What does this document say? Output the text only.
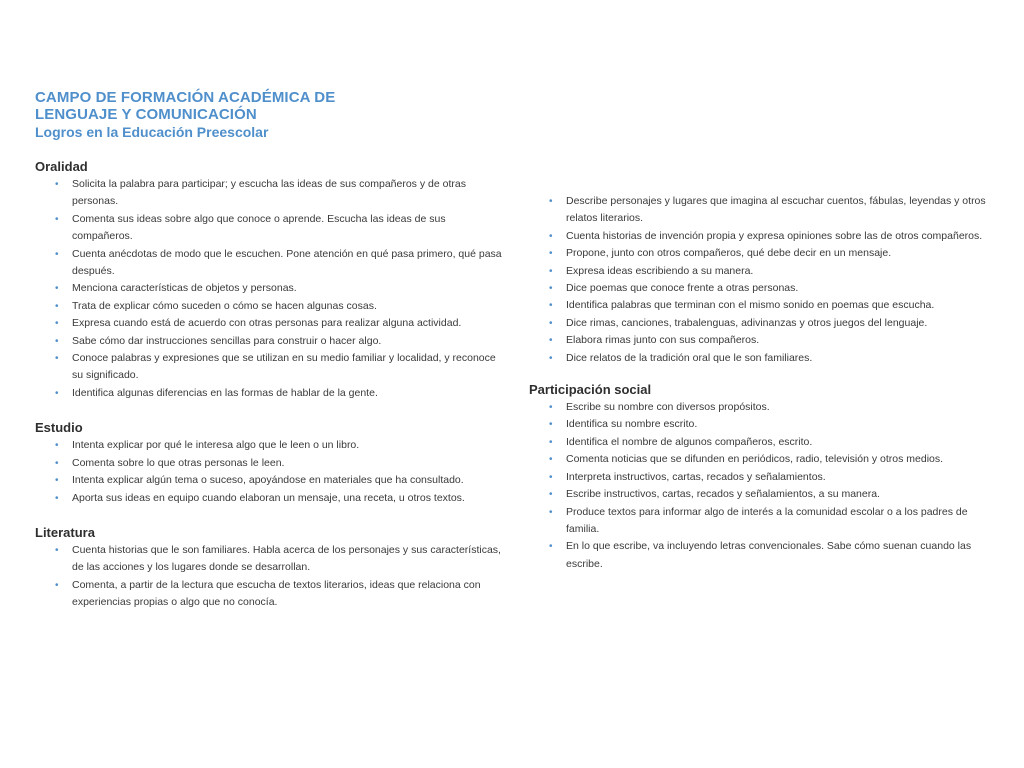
CAMPO DE FORMACIÓN ACADÉMICA DE
LENGUAJE Y COMUNICACIÓN
Logros en la Educación Preescolar
Oralidad
• Solicita la palabra para participar; y escucha las ideas de sus compañeros y de otras personas.
• Comenta sus ideas sobre algo que conoce o aprende. Escucha las ideas de sus compañeros.
• Cuenta anécdotas de modo que le escuchen. Pone atención en qué pasa primero, qué pasa después.
• Menciona características de objetos y personas.
• Trata de explicar cómo suceden o cómo se hacen algunas cosas.
• Expresa cuando está de acuerdo con otras personas para realizar alguna actividad.
• Sabe cómo dar instrucciones sencillas para construir o hacer algo.
• Conoce palabras y expresiones que se utilizan en su medio familiar y localidad, y reconoce su significado.
• Identifica algunas diferencias en las formas de hablar de la gente.
Estudio
• Intenta explicar por qué le interesa algo que le leen o un libro.
• Comenta sobre lo que otras personas le leen.
• Intenta explicar algún tema o suceso, apoyándose en materiales que ha consultado.
• Aporta sus ideas en equipo cuando elaboran un mensaje, una receta, u otros textos.
Literatura
• Cuenta historias que le son familiares. Habla acerca de los personajes y sus características, de las acciones y los lugares donde se desarrollan.
• Comenta, a partir de la lectura que escucha de textos literarios, ideas que relaciona con experiencias propias o algo que no conocía.
• Describe personajes y lugares que imagina al escuchar cuentos, fábulas, leyendas y otros relatos literarios.
• Cuenta historias de invención propia y expresa opiniones sobre las de otros compañeros.
• Propone, junto con otros compañeros, qué debe decir en un mensaje.
• Expresa ideas escribiendo a su manera.
• Dice poemas que conoce frente a otras personas.
• Identifica palabras que terminan con el mismo sonido en poemas que escucha.
• Dice rimas, canciones, trabalenguas, adivinanzas y otros juegos del lenguaje.
• Elabora rimas junto con sus compañeros.
• Dice relatos de la tradición oral que le son familiares.
Participación social
• Escribe su nombre con diversos propósitos.
• Identifica su nombre escrito.
• Identifica el nombre de algunos compañeros, escrito.
• Comenta noticias que se difunden en periódicos, radio, televisión y otros medios.
• Interpreta instructivos, cartas, recados y señalamientos.
• Escribe instructivos, cartas, recados y señalamientos, a su manera.
• Produce textos para informar algo de interés a la comunidad escolar o a los padres de familia.
• En lo que escribe, va incluyendo letras convencionales. Sabe cómo suenan cuando las escribe.
